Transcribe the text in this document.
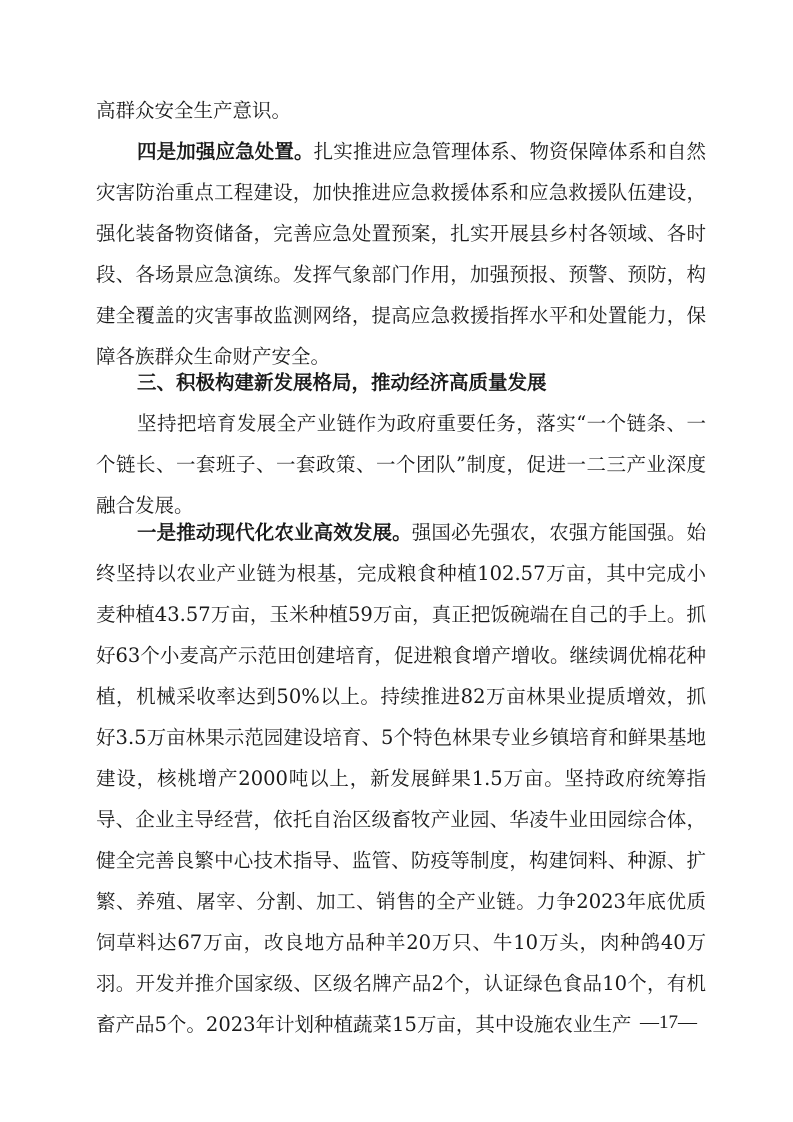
高群众安全生产意识。

四是加强应急处置。扎实推进应急管理体系、物资保障体系和自然灾害防治重点工程建设，加快推进应急救援体系和应急救援队伍建设，强化装备物资储备，完善应急处置预案，扎实开展县乡村各领域、各时段、各场景应急演练。发挥气象部门作用，加强预报、预警、预防，构建全覆盖的灾害事故监测网络，提高应急救援指挥水平和处置能力，保障各族群众生命财产安全。

三、积极构建新发展格局，推动经济高质量发展

坚持把培育发展全产业链作为政府重要任务，落实“一个链条、一个链长、一套班子、一套政策、一个团队”制度，促进一二三产业深度融合发展。

一是推动现代化农业高效发展。强国必先强农，农强方能国强。始终坚持以农业产业链为根基，完成粮食种植102.57万亩，其中完成小麦种植43.57万亩，玉米种植59万亩，真正把饭碗端在自己的手上。抓好63个小麦高产示范田创建培育，促进粮食增产增收。继续调优棉花种植，机械采收率达到50%以上。持续推进82万亩林果业提质增效，抓好3.5万亩林果示范园建设培育、5个特色林果专业乡镇培育和鲜果基地建设，核桃增产2000吨以上，新发展鲜果1.5万亩。坚持政府统筹指导、企业主导经营，依托自治区级畜牧产业园、华凌牛业田园综合体，健全完善良繁中心技术指导、监管、防疫等制度，构建饲料、种源、扩繁、养殖、屠宰、分割、加工、销售的全产业链。力争2023年底优质饲草料达67万亩，改良地方品种羊20万只、牛10万头，肉种鸽40万羽。开发并推介国家级、区级名牌产品2个，认证绿色食品10个，有机畜产品5个。2023年计划种植蔬菜15万亩，其中设施农业生产 —17—
